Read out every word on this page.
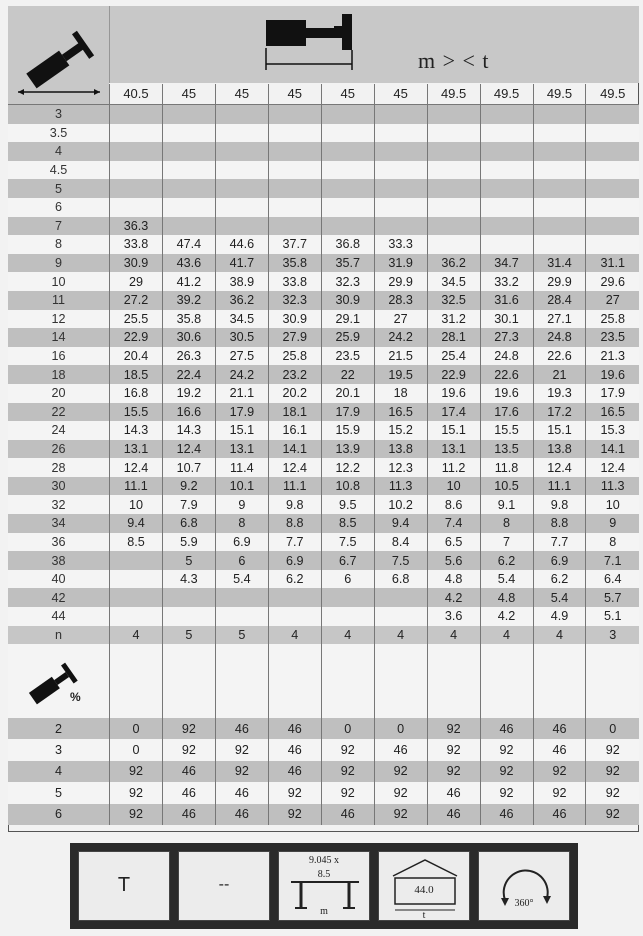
m > < t
	40.5	45	45	45	45	45	49.5	49.5	49.5	49.5
3										
3.5										
4										
4.5										
5										
6										
7	36.3									
8	33.8	47.4	44.6	37.7	36.8	33.3				
9	30.9	43.6	41.7	35.8	35.7	31.9	36.2	34.7	31.4	31.1
10	29	41.2	38.9	33.8	32.3	29.9	34.5	33.2	29.9	29.6
11	27.2	39.2	36.2	32.3	30.9	28.3	32.5	31.6	28.4	27
12	25.5	35.8	34.5	30.9	29.1	27	31.2	30.1	27.1	25.8
14	22.9	30.6	30.5	27.9	25.9	24.2	28.1	27.3	24.8	23.5
16	20.4	26.3	27.5	25.8	23.5	21.5	25.4	24.8	22.6	21.3
18	18.5	22.4	24.2	23.2	22	19.5	22.9	22.6	21	19.6
20	16.8	19.2	21.1	20.2	20.1	18	19.6	19.6	19.3	17.9
22	15.5	16.6	17.9	18.1	17.9	16.5	17.4	17.6	17.2	16.5
24	14.3	14.3	15.1	16.1	15.9	15.2	15.1	15.5	15.1	15.3
26	13.1	12.4	13.1	14.1	13.9	13.8	13.1	13.5	13.8	14.1
28	12.4	10.7	11.4	12.4	12.2	12.3	11.2	11.8	12.4	12.4
30	11.1	9.2	10.1	11.1	10.8	11.3	10	10.5	11.1	11.3
32	10	7.9	9	9.8	9.5	10.2	8.6	9.1	9.8	10
34	9.4	6.8	8	8.8	8.5	9.4	7.4	8	8.8	9
36	8.5	5.9	6.9	7.7	7.5	8.4	6.5	7	7.7	8
38		5	6	6.9	6.7	7.5	5.6	6.2	6.9	7.1
40		4.3	5.4	6.2	6	6.8	4.8	5.4	6.2	6.4
42							4.2	4.8	5.4	5.7
44							3.6	4.2	4.9	5.1
n	4	5	5	4	4	4	4	4	4	3
%										

2	0	92	46	46	0	0	92	46	46	0
3	0	92	92	46	92	46	92	92	46	92
4	92	46	92	46	92	92	92	92	92	92
5	92	46	46	92	92	92	46	92	92	92
6	92	46	46	92	46	92	46	46	46	92
T	--
9.045 x
8.5
m
44.0
t
360°
